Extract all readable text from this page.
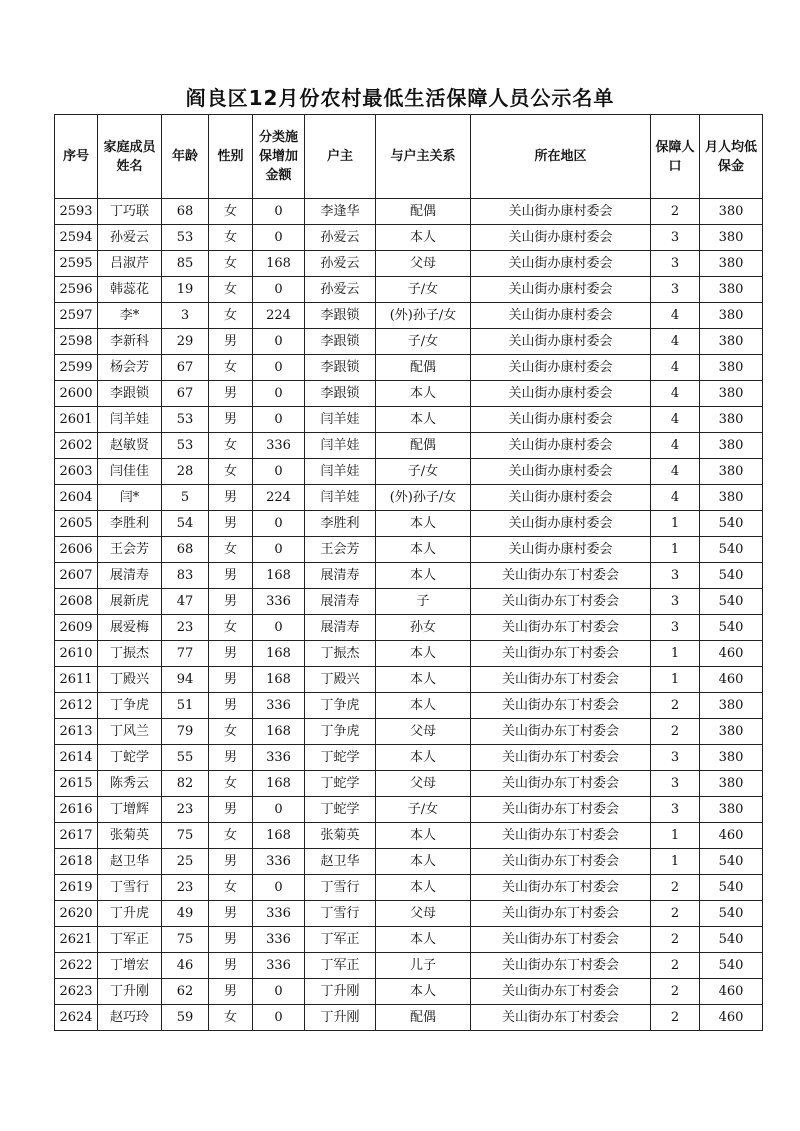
阎良区12月份农村最低生活保障人员公示名单
序号	家庭成员姓名	年龄	性别	分类施保增加金额	户主	与户主关系	所在地区	保障人口	月人均低保金
2593	丁巧联	68	女	0	李逢华	配偶	关山街办康村委会	2	380
2594	孙爱云	53	女	0	孙爱云	本人	关山街办康村委会	3	380
2595	吕淑芹	85	女	168	孙爱云	父母	关山街办康村委会	3	380
2596	韩蕊花	19	女	0	孙爱云	子/女	关山街办康村委会	3	380
2597	李*	3	女	224	李跟锁	(外)孙子/女	关山街办康村委会	4	380
2598	李新科	29	男	0	李跟锁	子/女	关山街办康村委会	4	380
2599	杨会芳	67	女	0	李跟锁	配偶	关山街办康村委会	4	380
2600	李跟锁	67	男	0	李跟锁	本人	关山街办康村委会	4	380
2601	闫羊娃	53	男	0	闫羊娃	本人	关山街办康村委会	4	380
2602	赵敏贤	53	女	336	闫羊娃	配偶	关山街办康村委会	4	380
2603	闫佳佳	28	女	0	闫羊娃	子/女	关山街办康村委会	4	380
2604	闫*	5	男	224	闫羊娃	(外)孙子/女	关山街办康村委会	4	380
2605	李胜利	54	男	0	李胜利	本人	关山街办康村委会	1	540
2606	王会芳	68	女	0	王会芳	本人	关山街办康村委会	1	540
2607	展清寿	83	男	168	展清寿	本人	关山街办东丁村委会	3	540
2608	展新虎	47	男	336	展清寿	子	关山街办东丁村委会	3	540
2609	展爱梅	23	女	0	展清寿	孙女	关山街办东丁村委会	3	540
2610	丁振杰	77	男	168	丁振杰	本人	关山街办东丁村委会	1	460
2611	丁殿兴	94	男	168	丁殿兴	本人	关山街办东丁村委会	1	460
2612	丁争虎	51	男	336	丁争虎	本人	关山街办东丁村委会	2	380
2613	丁风兰	79	女	168	丁争虎	父母	关山街办东丁村委会	2	380
2614	丁蛇学	55	男	336	丁蛇学	本人	关山街办东丁村委会	3	380
2615	陈秀云	82	女	168	丁蛇学	父母	关山街办东丁村委会	3	380
2616	丁增辉	23	男	0	丁蛇学	子/女	关山街办东丁村委会	3	380
2617	张菊英	75	女	168	张菊英	本人	关山街办东丁村委会	1	460
2618	赵卫华	25	男	336	赵卫华	本人	关山街办东丁村委会	1	540
2619	丁雪行	23	女	0	丁雪行	本人	关山街办东丁村委会	2	540
2620	丁升虎	49	男	336	丁雪行	父母	关山街办东丁村委会	2	540
2621	丁军正	75	男	336	丁军正	本人	关山街办东丁村委会	2	540
2622	丁增宏	46	男	336	丁军正	儿子	关山街办东丁村委会	2	540
2623	丁升刚	62	男	0	丁升刚	本人	关山街办东丁村委会	2	460
2624	赵巧玲	59	女	0	丁升刚	配偶	关山街办东丁村委会	2	460
